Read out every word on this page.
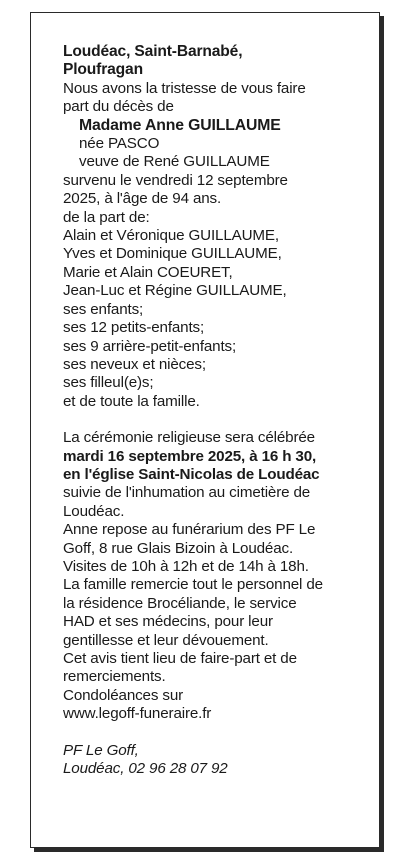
Loudéac, Saint-Barnabé,
Ploufragan
Nous avons la tristesse de vous faire
part du décès de
Madame Anne GUILLAUME
née PASCO
veuve de René GUILLAUME
survenu le vendredi 12 septembre
2025, à l'âge de 94 ans.
de la part de:
Alain et Véronique GUILLAUME,
Yves et Dominique GUILLAUME,
Marie et Alain COEURET,
Jean-Luc et Régine GUILLAUME,
ses enfants;
ses 12 petits-enfants;
ses 9 arrière-petit-enfants;
ses neveux et nièces;
ses filleul(e)s;
et de toute la famille.
La cérémonie religieuse sera célébrée
mardi 16 septembre 2025, à 16 h 30,
en l'église Saint-Nicolas de Loudéac
suivie de l'inhumation au cimetière de
Loudéac.
Anne repose au funérarium des PF Le
Goff, 8 rue Glais Bizoin à Loudéac.
Visites de 10h à 12h et de 14h à 18h.
La famille remercie tout le personnel de
la résidence Brocéliande, le service
HAD et ses médecins, pour leur
gentillesse et leur dévouement.
Cet avis tient lieu de faire-part et de
remerciements.
Condoléances sur
www.legoff-funeraire.fr
PF Le Goff,
Loudéac, 02 96 28 07 92
